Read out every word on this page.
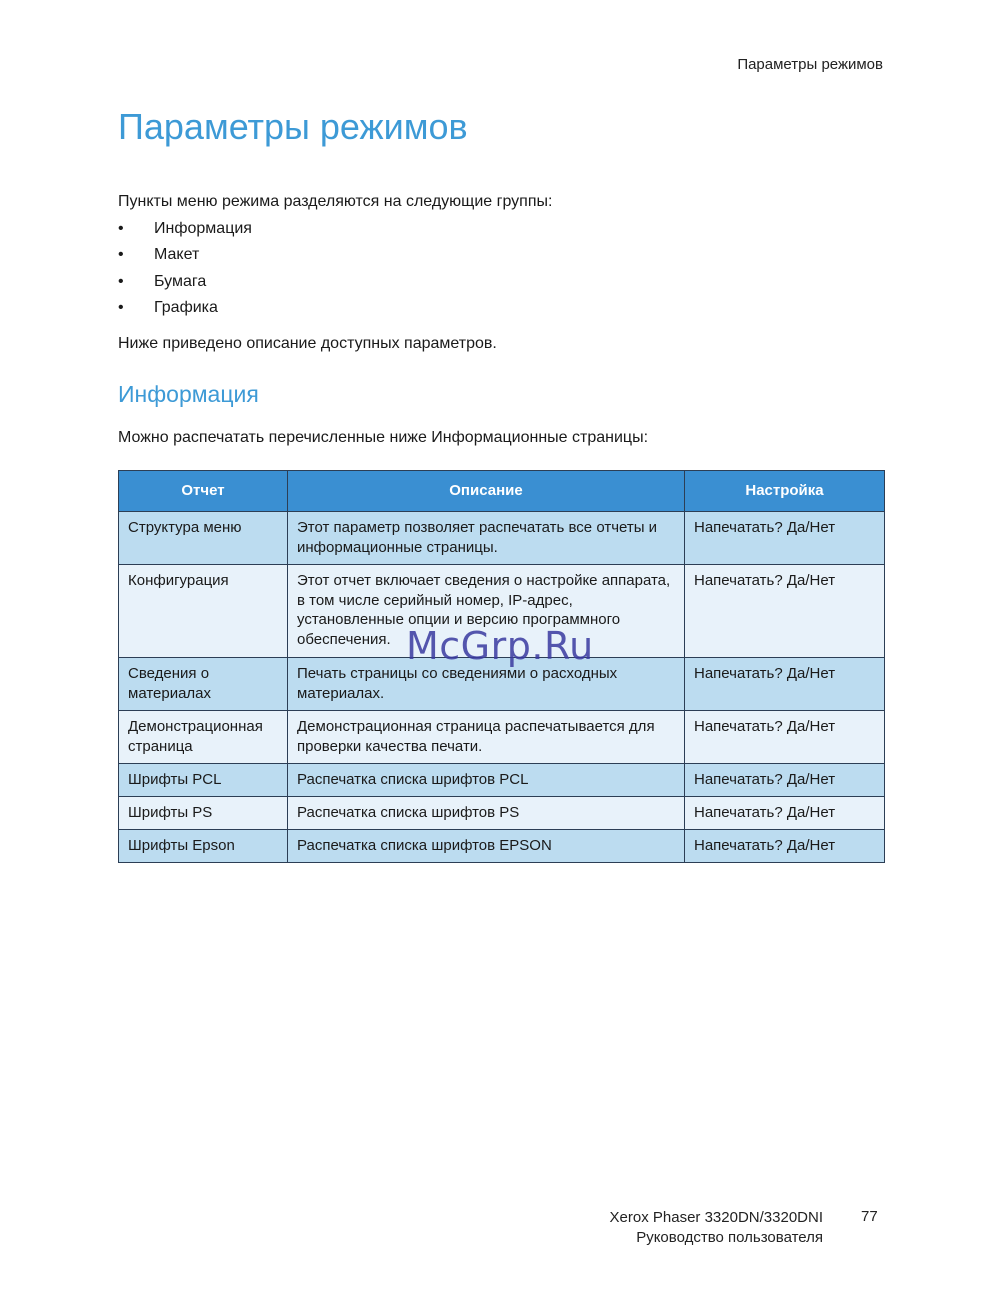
Параметры режимов
Параметры режимов

Пункты меню режима разделяются на следующие группы:

• Информация
• Макет
• Бумага
• Графика

Ниже приведено описание доступных параметров.

Информация

Можно распечатать перечисленные ниже Информационные страницы:

Отчет	Описание	Настройка
Структура меню	Этот параметр позволяет распечатать все отчеты и информационные страницы.	Напечатать? Да/Нет
Конфигурация	Этот отчет включает сведения о настройке аппарата, в том числе серийный номер, IP-адрес, установленные опции и версию программного обеспечения.	Напечатать? Да/Нет
Сведения о материалах	Печать страницы со сведениями о расходных материалах.	Напечатать? Да/Нет
Демонстрационная страница	Демонстрационная страница распечатывается для проверки качества печати.	Напечатать? Да/Нет
Шрифты PCL	Распечатка списка шрифтов PCL	Напечатать? Да/Нет
Шрифты PS	Распечатка списка шрифтов PS	Напечатать? Да/Нет
Шрифты Epson	Распечатка списка шрифтов EPSON	Напечатать? Да/Нет
McGrp.Ru
Xerox Phaser 3320DN/3320DNI
Руководство пользователя
77
